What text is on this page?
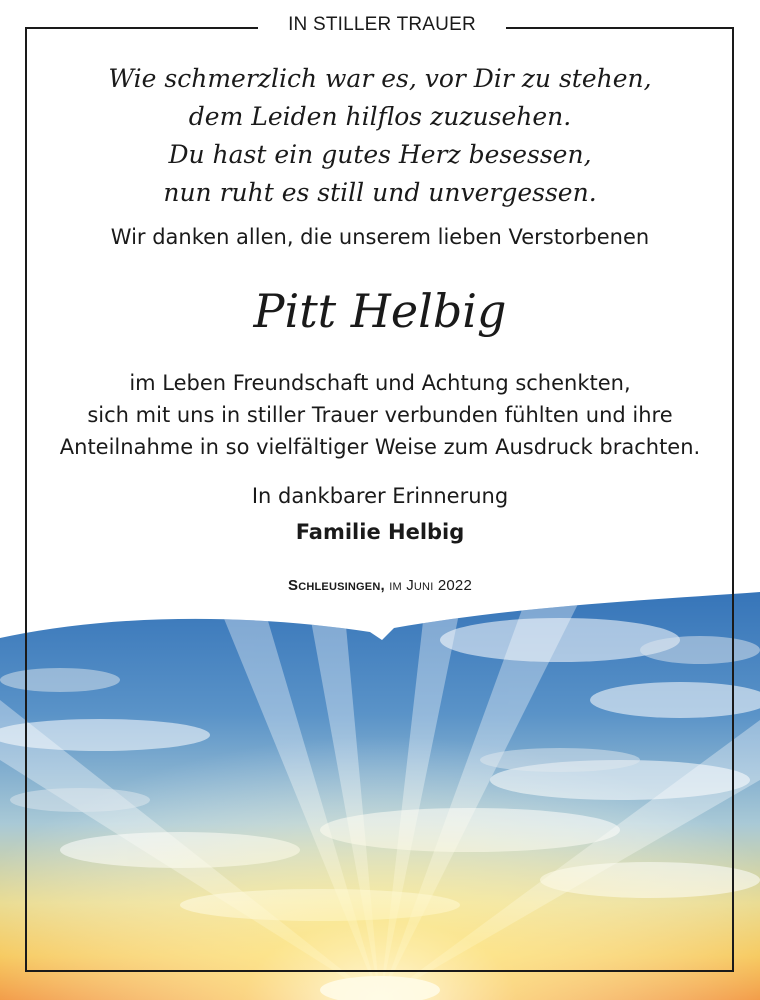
IN STILLER TRAUER
Wie schmerzlich war es, vor Dir zu stehen,
dem Leiden hilflos zuzusehen.
Du hast ein gutes Herz besessen,
nun ruht es still und unvergessen.
Wir danken allen, die unserem lieben Verstorbenen
Pitt Helbig
im Leben Freundschaft und Achtung schenkten,
sich mit uns in stiller Trauer verbunden fühlten und ihre
Anteilnahme in so vielfältiger Weise zum Ausdruck brachten.
In dankbarer Erinnerung
Familie Helbig
Schleusingen, im Juni 2022
